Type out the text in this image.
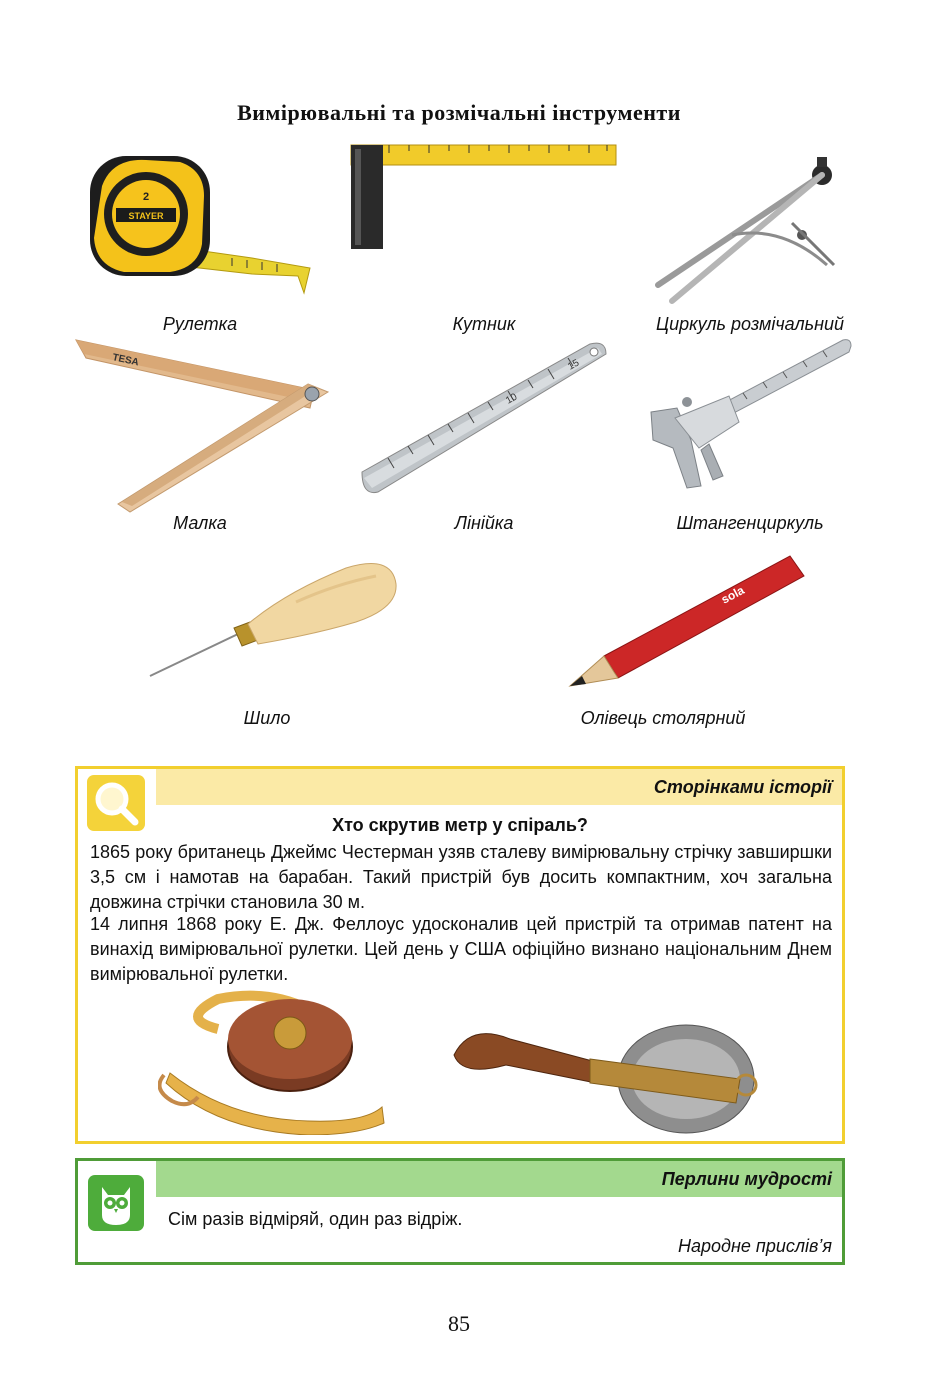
Вимірювальні та розмічальні інструменти
STAYER
2
Рулетка	Кутник	Циркуль розмічальний
TESA
10
15
Малка	Лінійка	Штангенциркуль
sola
Шило	Олівець столярний
Сторінками історії
Хто скрутив метр у спіраль?
1865 року британець Джеймс Честерман узяв сталеву вимірювальну стрічку завширшки 3,5 см і намотав на барабан. Такий пристрій був досить компактним, хоч загальна довжина стрічки становила 30 м.
14 липня 1868 року Е. Дж. Феллоус удосконалив цей пристрій та отримав патент на винахід вимірювальної рулетки. Цей день у США офіційно визнано національним Днем вимірювальної рулетки.
Перлини мудрості
Сім разів відміряй, один раз відріж.
Народне прислів’я
85
